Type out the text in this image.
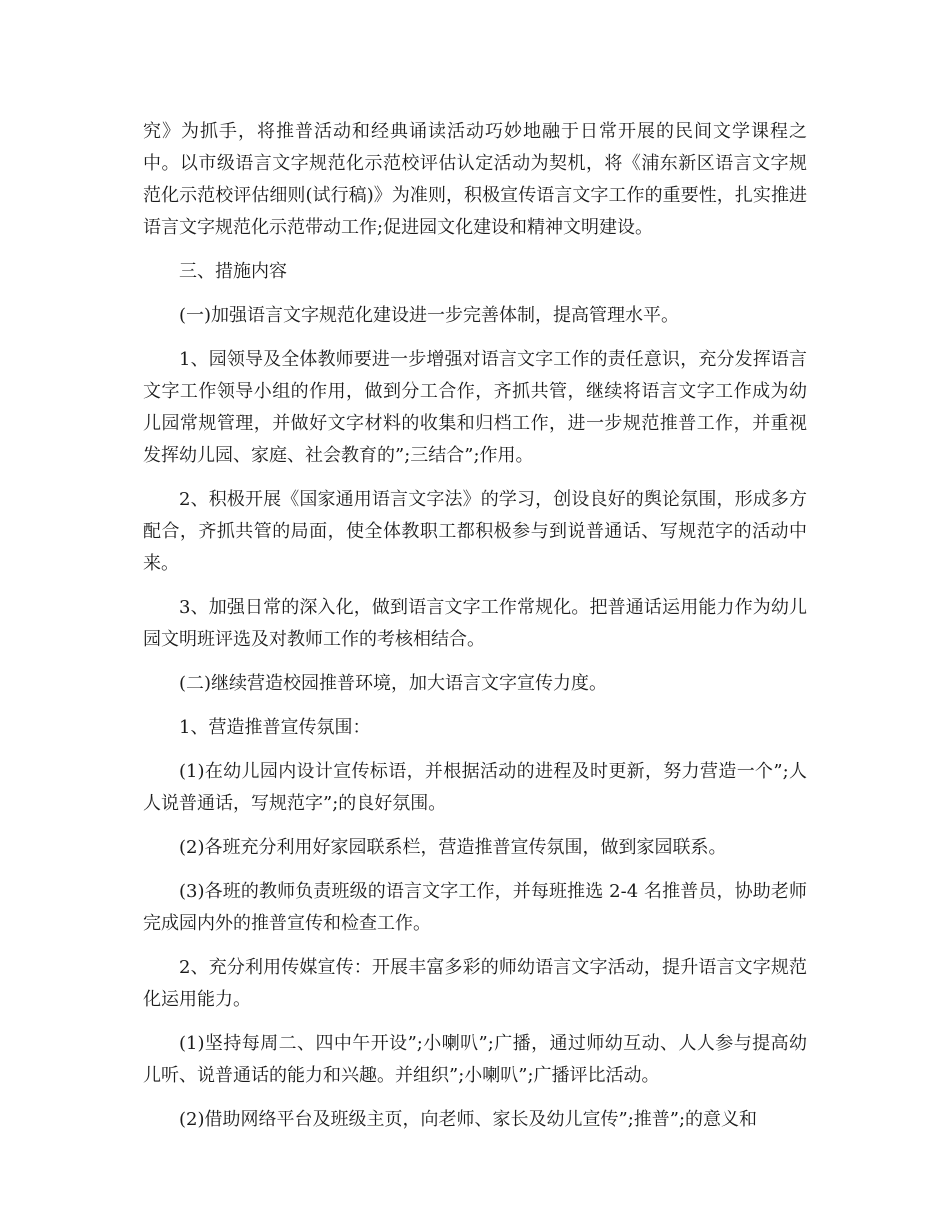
究》为抓手，将推普活动和经典诵读活动巧妙地融于日常开展的民间文学课程之中。以市级语言文字规范化示范校评估认定活动为契机，将《浦东新区语言文字规范化示范校评估细则(试行稿)》为准则，积极宣传语言文字工作的重要性，扎实推进语言文字规范化示范带动工作;促进园文化建设和精神文明建设。

三、措施内容

(一)加强语言文字规范化建设进一步完善体制，提高管理水平。

1、园领导及全体教师要进一步增强对语言文字工作的责任意识，充分发挥语言文字工作领导小组的作用，做到分工合作，齐抓共管，继续将语言文字工作成为幼儿园常规管理，并做好文字材料的收集和归档工作，进一步规范推普工作，并重视发挥幼儿园、家庭、社会教育的”;三结合”;作用。

2、积极开展《国家通用语言文字法》的学习，创设良好的舆论氛围，形成多方配合，齐抓共管的局面，使全体教职工都积极参与到说普通话、写规范字的活动中来。

3、加强日常的深入化，做到语言文字工作常规化。把普通话运用能力作为幼儿园文明班评选及对教师工作的考核相结合。

(二)继续营造校园推普环境，加大语言文字宣传力度。

1、营造推普宣传氛围：

(1)在幼儿园内设计宣传标语，并根据活动的进程及时更新，努力营造一个”;人人说普通话，写规范字”;的良好氛围。

(2)各班充分利用好家园联系栏，营造推普宣传氛围，做到家园联系。

(3)各班的教师负责班级的语言文字工作，并每班推选 2-4 名推普员，协助老师完成园内外的推普宣传和检查工作。

2、充分利用传媒宣传：开展丰富多彩的师幼语言文字活动，提升语言文字规范化运用能力。

(1)坚持每周二、四中午开设”;小喇叭”;广播，通过师幼互动、人人参与提高幼儿听、说普通话的能力和兴趣。并组织”;小喇叭”;广播评比活动。

(2)借助网络平台及班级主页，向老师、家长及幼儿宣传”;推普”;的意义和
